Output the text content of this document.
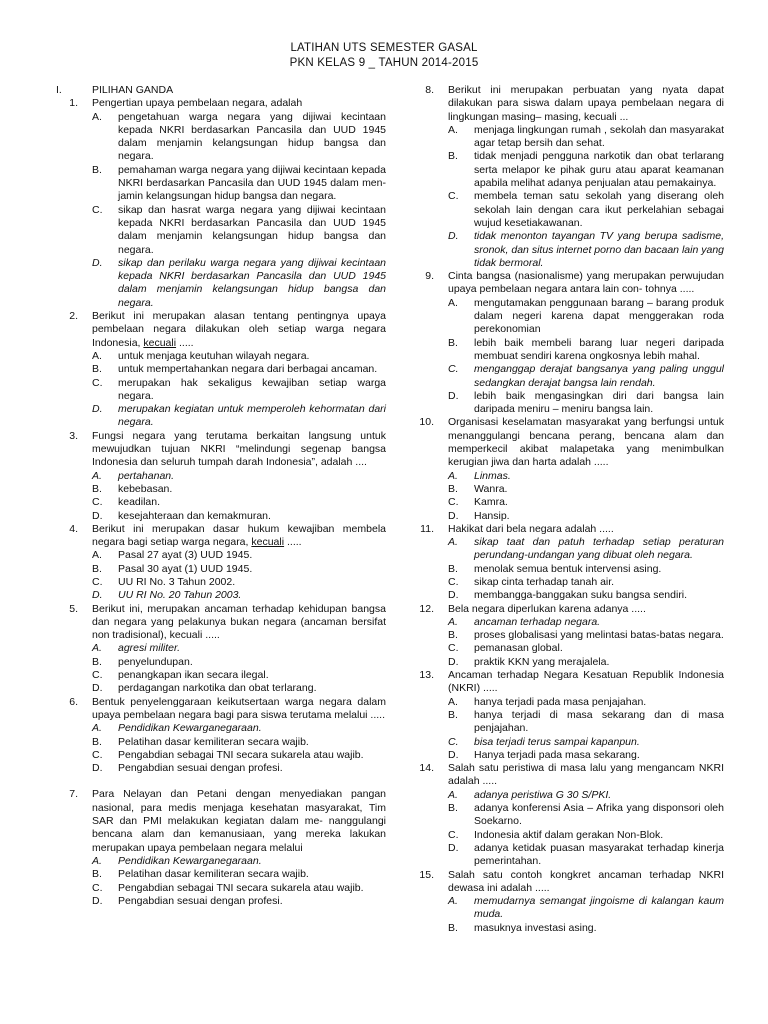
LATIHAN UTS SEMESTER GASAL
PKN KELAS 9 _ TAHUN 2014-2015
I.	PILIHAN GANDA
1.	Pengertian upaya pembelaan negara, adalah
A.	pengetahuan warga negara yang dijiwai kecintaan kepada NKRI berdasarkan Pancasila dan UUD 1945 dalam menjamin kelangsungan hidup bangsa dan negara.
B.	pemahaman warga negara yang dijiwai kecintaan kepada NKRI berdasarkan Pancasila dan UUD 1945 dalam men- jamin kelangsungan hidup bangsa dan negara.
C.	sikap dan hasrat warga negara yang dijiwai kecintaan kepada NKRI berdasarkan Pancasila dan UUD 1945 dalam menjamin kelangsungan hidup bangsa dan negara.
D.	sikap dan perilaku warga negara yang dijiwai kecintaan kepada NKRI berdasarkan Pancasila dan UUD 1945 dalam menjamin kelangsungan hidup bangsa dan negara.
2.	Berikut ini merupakan alasan tentang pentingnya upaya pembelaan negara dilakukan oleh setiap warga negara Indonesia, kecuali .....
A.	untuk menjaga keutuhan wilayah negara.
B.	untuk mempertahankan negara dari berbagai ancaman.
C.	merupakan hak sekaligus kewajiban setiap warga negara.
D.	merupakan kegiatan untuk memperoleh kehormatan dari negara.
3.	Fungsi negara yang terutama berkaitan langsung untuk mewujudkan tujuan NKRI “melindungi segenap bangsa Indonesia dan seluruh tumpah darah Indonesia”, adalah ....
A.	pertahanan.
B.	kebebasan.
C.	keadilan.
D.	kesejahteraan dan kemakmuran.
4.	Berikut ini merupakan dasar hukum kewajiban membela negara bagi setiap warga negara, kecuali .....
A.	Pasal 27 ayat (3) UUD 1945.
B.	Pasal 30 ayat (1) UUD 1945.
C.	UU RI No. 3 Tahun 2002.
D.	UU RI No. 20 Tahun 2003.
5.	Berikut ini, merupakan ancaman terhadap kehidupan bangsa dan negara yang pelakunya bukan negara (ancaman bersifat non tradisional), kecuali .....
A.	agresi militer.
B.	penyelundupan.
C.	penangkapan ikan secara ilegal.
D.	perdagangan narkotika dan obat terlarang.
6.	Bentuk penyelenggaraan keikutsertaan warga negara dalam upaya pembelaan negara bagi para siswa terutama melalui .....
A.	Pendidikan Kewarganegaraan.
B.	Pelatihan dasar kemiliteran secara wajib.
C.	Pengabdian sebagai TNI secara sukarela atau wajib.
D.	Pengabdian sesuai dengan profesi.
7.	Para Nelayan dan Petani dengan menyediakan pangan nasional, para medis menjaga kesehatan masyarakat, Tim SAR dan PMI melakukan kegiatan dalam me- nanggulangi bencana alam dan kemanusiaan, yang mereka lakukan merupakan upaya pembelaan negara melalui
A.	Pendidikan Kewarganegaraan.
B.	Pelatihan dasar kemiliteran secara wajib.
C.	Pengabdian sebagai TNI secara sukarela atau wajib.
D.	Pengabdian sesuai dengan profesi.
8.	Berikut ini merupakan perbuatan yang nyata dapat dilakukan para siswa dalam upaya pembelaan negara di lingkungan masing– masing, kecuali ...
A.	menjaga lingkungan rumah , sekolah dan masyarakat agar tetap bersih dan sehat.
B.	tidak menjadi pengguna narkotik dan obat terlarang serta melapor ke pihak guru atau aparat keamanan apabila melihat adanya penjualan atau pemakainya.
C.	membela teman satu sekolah yang diserang oleh sekolah lain dengan cara ikut perkelahian sebagai wujud kesetiakawanan.
D.	tidak menonton tayangan TV yang berupa sadisme, sronok, dan situs internet porno dan bacaan lain yang tidak bermoral.
9.	Cinta bangsa (nasionalisme) yang merupakan perwujudan upaya pembelaan negara antara lain con- tohnya .....
A.	mengutamakan penggunaan barang – barang produk dalam negeri karena dapat menggerakan roda perekonomian
B.	lebih baik membeli barang luar negeri daripada membuat sendiri karena ongkosnya lebih mahal.
C.	menganggap derajat bangsanya yang paling unggul sedangkan derajat bangsa lain rendah.
D.	lebih baik mengasingkan diri dari bangsa lain daripada meniru – meniru bangsa lain.
10.	Organisasi keselamatan masyarakat yang berfungsi untuk menanggulangi bencana perang, bencana alam dan memperkecil akibat malapetaka yang menimbulkan kerugian jiwa dan harta adalah .....
A.	Linmas.
B.	Wanra.
C.	Kamra.
D.	Hansip.
11.	Hakikat dari bela negara adalah .....
A.	sikap taat dan patuh terhadap setiap peraturan perundang-undangan yang dibuat oleh negara.
B.	menolak semua bentuk intervensi asing.
C.	sikap cinta terhadap tanah air.
D.	membangga-banggakan suku bangsa sendiri.
12.	Bela negara diperlukan karena adanya .....
A.	ancaman terhadap negara.
B.	proses globalisasi yang melintasi batas-batas negara.
C.	pemanasan global.
D.	praktik KKN yang merajalela.
13.	Ancaman terhadap Negara Kesatuan Republik Indonesia (NKRI) .....
A.	hanya terjadi pada masa penjajahan.
B.	hanya terjadi di masa sekarang dan di masa penjajahan.
C.	bisa terjadi terus sampai kapanpun.
D.	Hanya terjadi pada masa sekarang.
14.	Salah satu peristiwa di masa lalu yang mengancam NKRI adalah .....
A.	adanya peristiwa G 30 S/PKI.
B.	adanya konferensi Asia – Afrika yang disponsori oleh Soekarno.
C.	Indonesia aktif dalam gerakan Non-Blok.
D.	adanya ketidak puasan masyarakat terhadap kinerja pemerintahan.
15.	Salah satu contoh kongkret ancaman terhadap NKRI dewasa ini adalah .....
A.	memudarnya semangat jingoisme di kalangan kaum muda.
B.	masuknya investasi asing.
